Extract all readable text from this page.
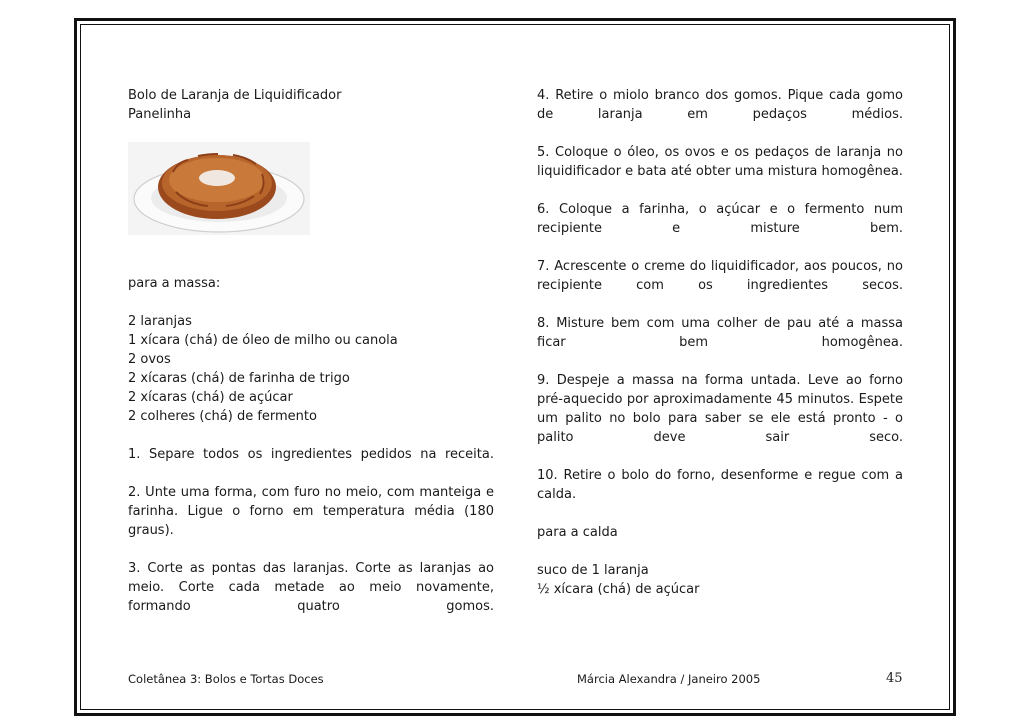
Bolo de Laranja de Liquidificador
Panelinha
para a massa:
2 laranjas
1 xícara (chá) de óleo de milho ou canola
2 ovos
2 xícaras (chá) de farinha de trigo
2 xícaras (chá) de açúcar
2 colheres (chá) de fermento

1. Separe todos os ingredientes pedidos na receita.

2. Unte uma forma, com furo no meio, com manteiga e farinha. Ligue o forno em temperatura média (180 graus).

3. Corte as pontas das laranjas. Corte as laranjas ao meio. Corte cada metade ao meio novamente, formando quatro gomos.

4. Retire o miolo branco dos gomos. Pique cada gomo de laranja em pedaços médios.

5. Coloque o óleo, os ovos e os pedaços de laranja no liquidificador e bata até obter uma mistura homogênea.

6. Coloque a farinha, o açúcar e o fermento num recipiente e misture bem.

7. Acrescente o creme do liquidificador, aos poucos, no recipiente com os ingredientes secos.

8. Misture bem com uma colher de pau até a massa ficar bem homogênea.

9. Despeje a massa na forma untada. Leve ao forno pré-aquecido por aproximadamente 45 minutos. Espete um palito no bolo para saber se ele está pronto - o palito deve sair seco.

10. Retire o bolo do forno, desenforme e regue com a calda.

para a calda
suco de 1 laranja
½ xícara (chá) de açúcar
Coletânea 3: Bolos e Tortas Doces	Márcia Alexandra / Janeiro 2005	45
